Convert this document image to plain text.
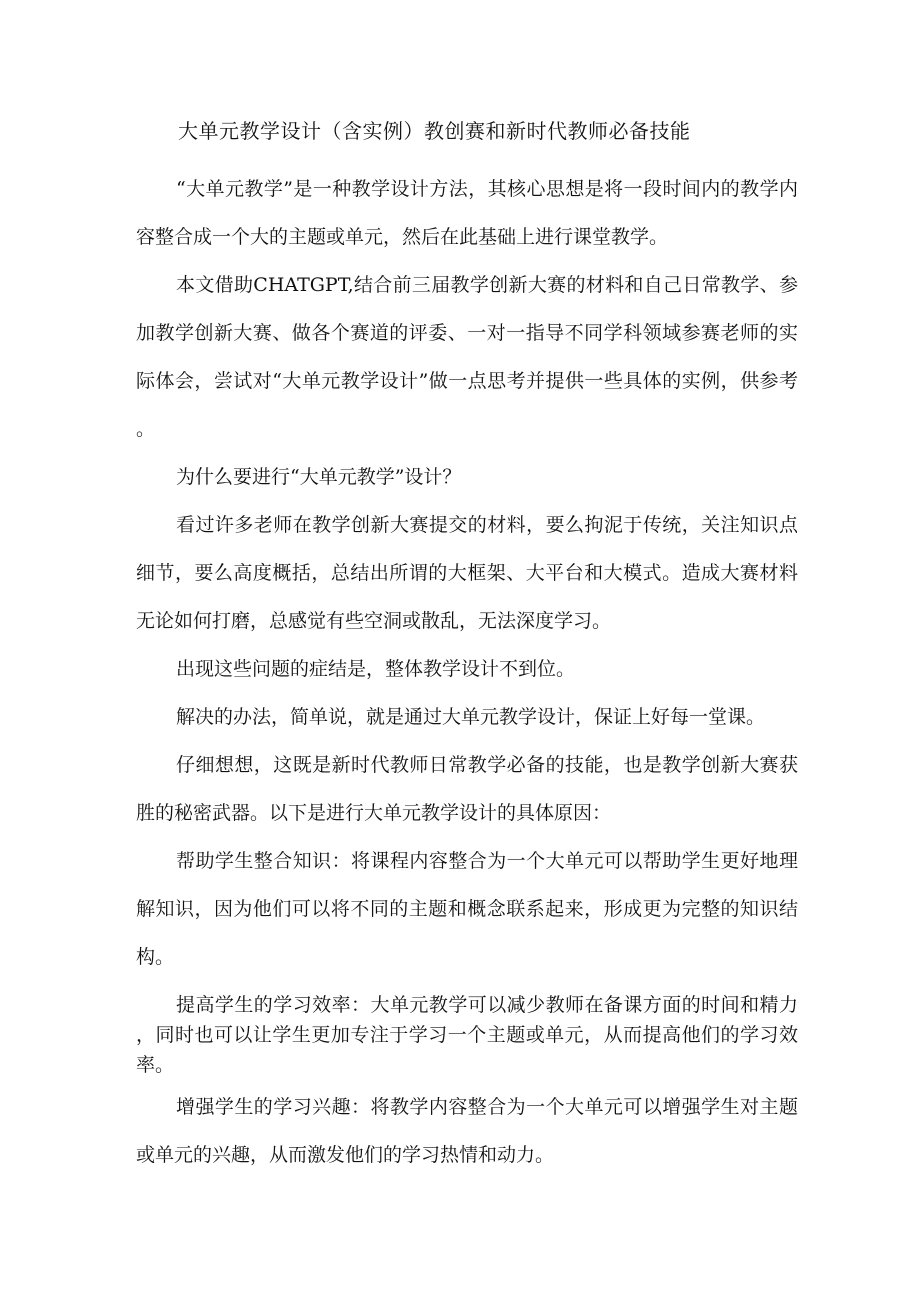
大单元教学设计（含实例）教创赛和新时代教师必备技能

“大单元教学”是一种教学设计方法，其核心思想是将一段时间内的教学内容整合成一个大的主题或单元，然后在此基础上进行课堂教学。

本文借助CHATGPT,结合前三届教学创新大赛的材料和自己日常教学、参加教学创新大赛、做各个赛道的评委、一对一指导不同学科领域参赛老师的实际体会，尝试对“大单元教学设计”做一点思考并提供一些具体的实例，供参考。

为什么要进行“大单元教学”设计？

看过许多老师在教学创新大赛提交的材料，要么拘泥于传统，关注知识点细节，要么高度概括，总结出所谓的大框架、大平台和大模式。造成大赛材料无论如何打磨，总感觉有些空洞或散乱，无法深度学习。

出现这些问题的症结是，整体教学设计不到位。

解决的办法，简单说，就是通过大单元教学设计，保证上好每一堂课。

仔细想想，这既是新时代教师日常教学必备的技能，也是教学创新大赛获胜的秘密武器。以下是进行大单元教学设计的具体原因：

帮助学生整合知识：将课程内容整合为一个大单元可以帮助学生更好地理解知识，因为他们可以将不同的主题和概念联系起来，形成更为完整的知识结构。

提高学生的学习效率：大单元教学可以减少教师在备课方面的时间和精力，同时也可以让学生更加专注于学习一个主题或单元，从而提高他们的学习效率。

增强学生的学习兴趣：将教学内容整合为一个大单元可以增强学生对主题或单元的兴趣，从而激发他们的学习热情和动力。
